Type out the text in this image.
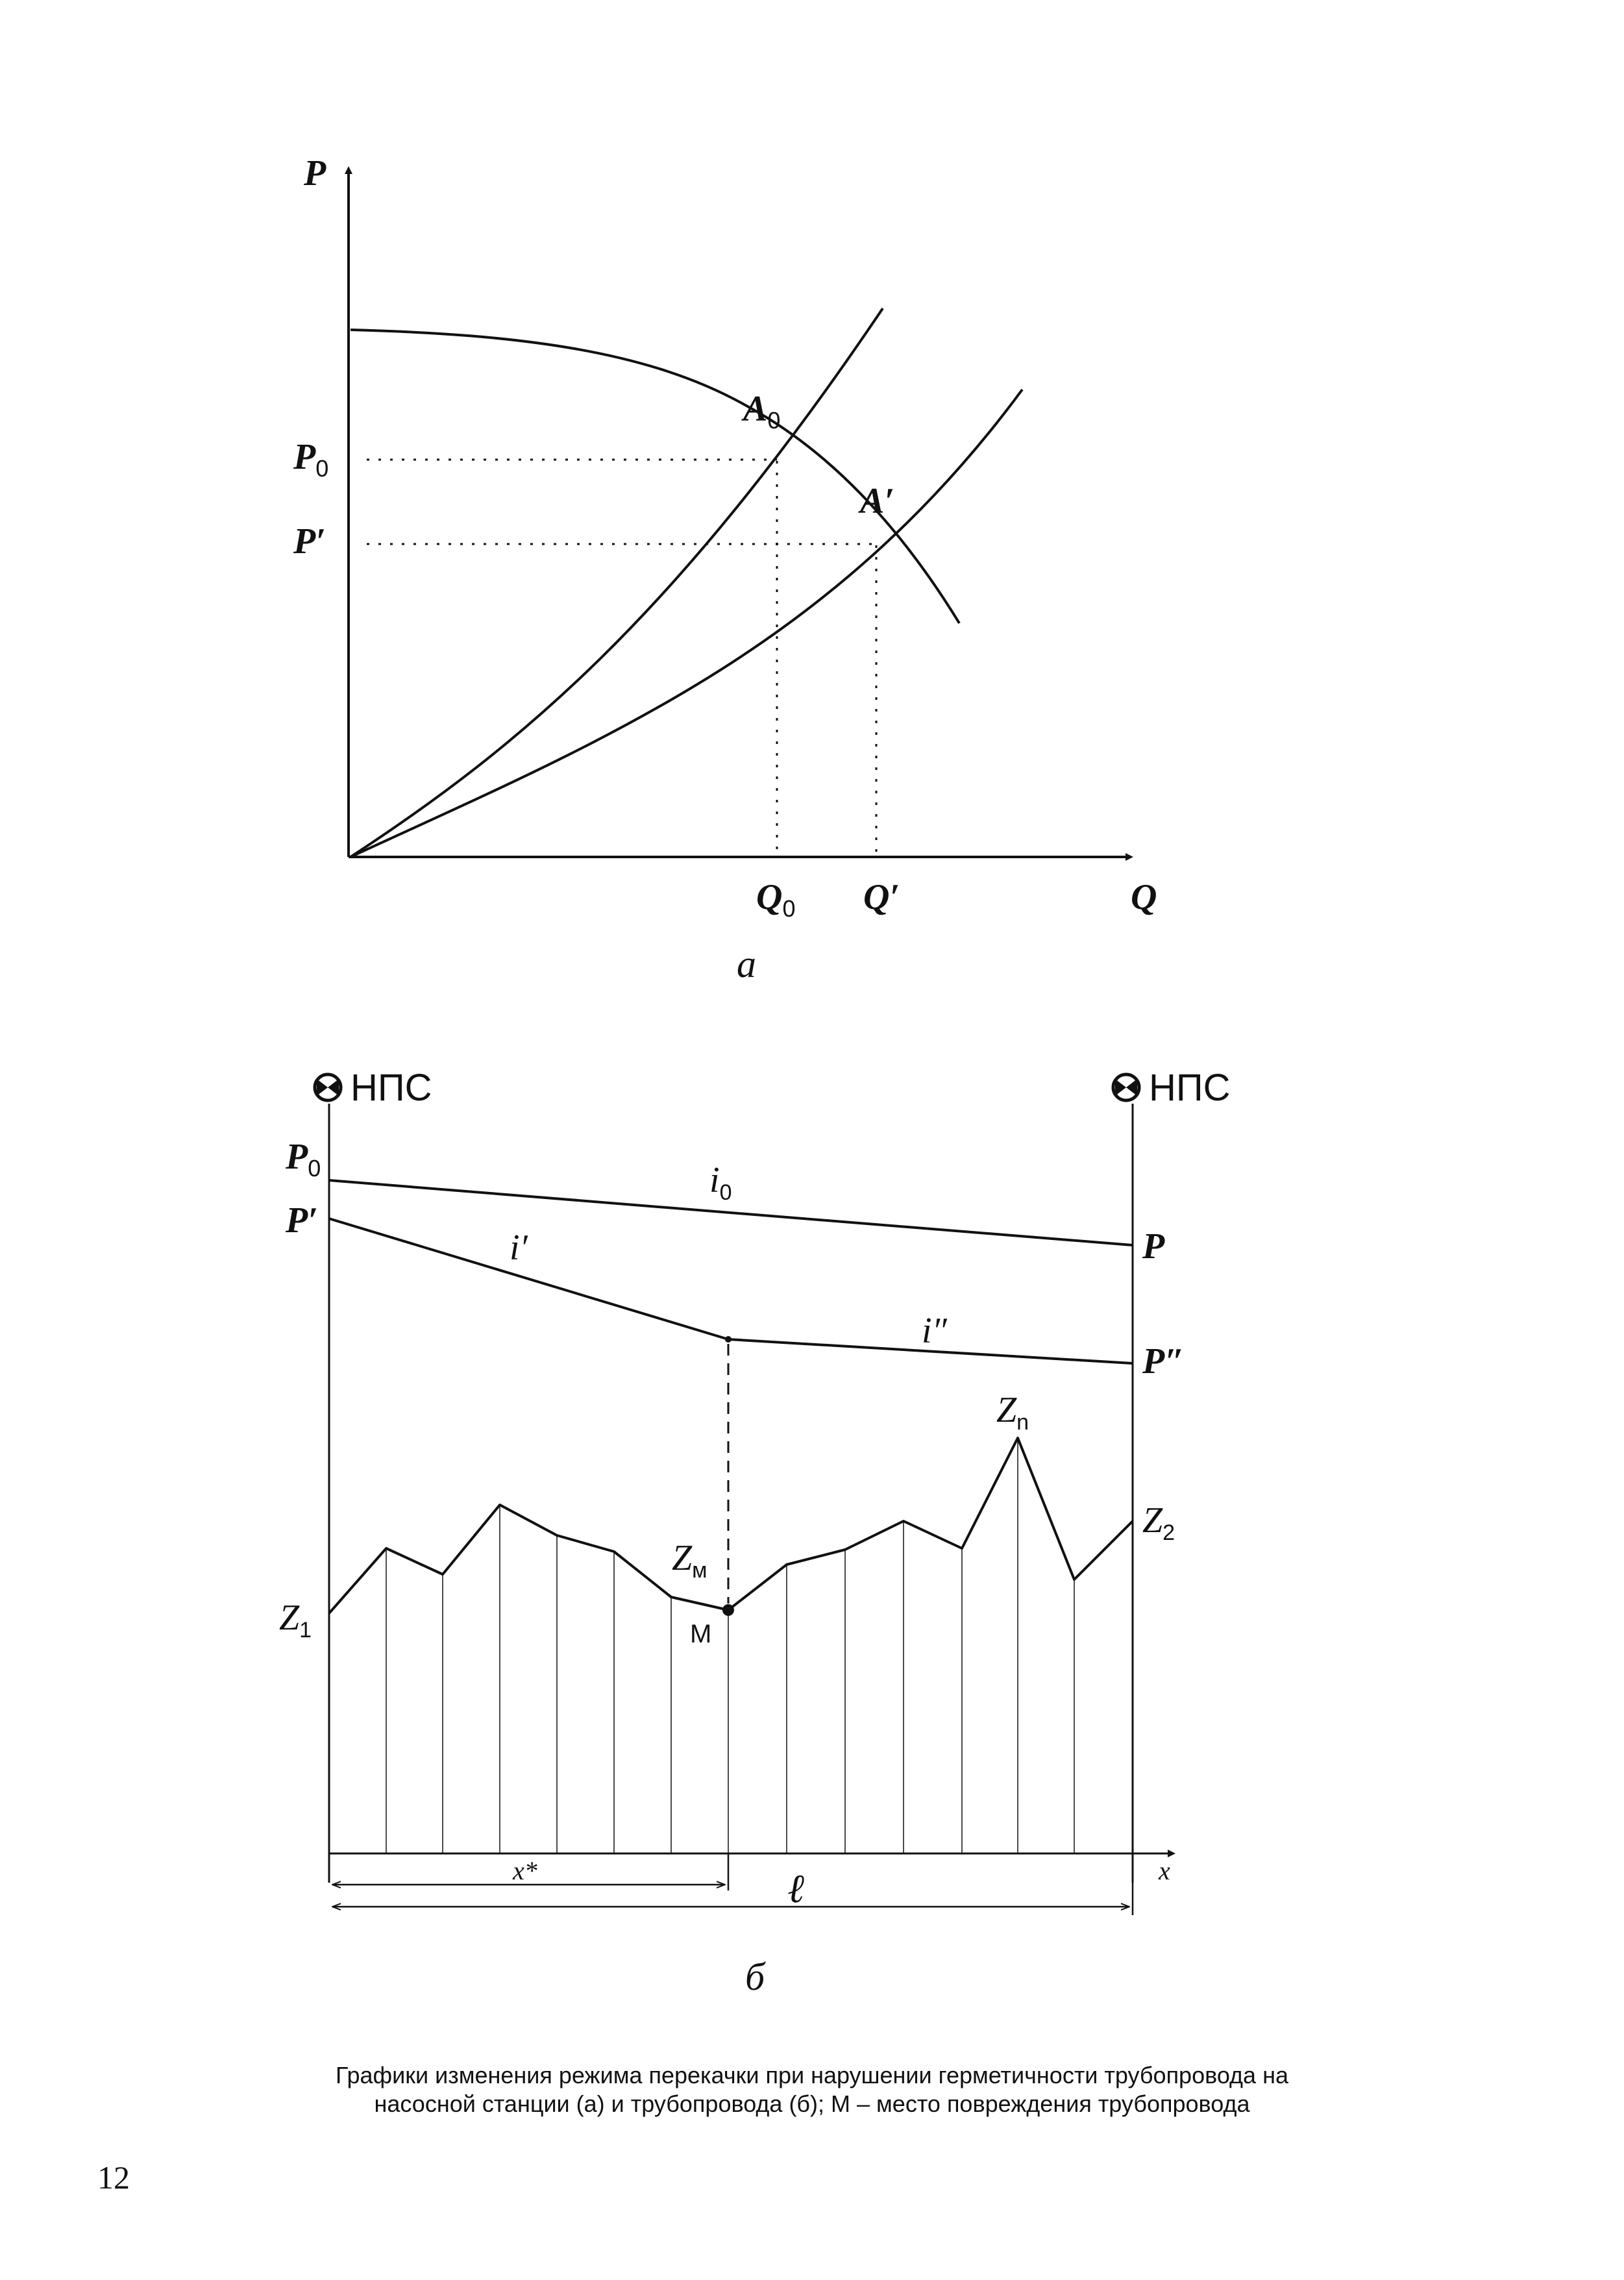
P
Q
$A_0$
A′
$P_0$
P′
$Q_0$ Q′
а
НПС	НПС
$P_0$
P′
$i_0$
i′
i″
P
P″
$Z_n$
$Z_2$
$Z_м$
М
$Z_1$
x*	ℓ	x
б
Графики изменения режима перекачки при нарушении герметичности трубопровода на
насосной станции (а) и трубопровода (б); М – место повреждения трубопровода
12
